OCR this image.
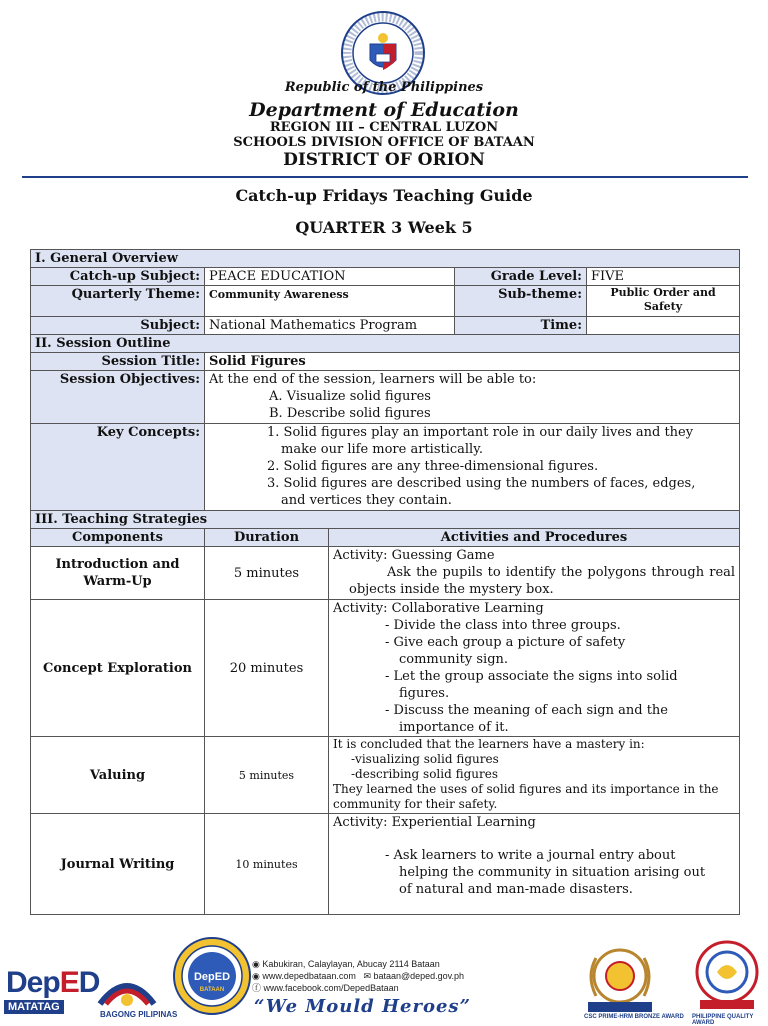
Republic of the Philippines
Department of Education
REGION III – CENTRAL LUZON
SCHOOLS DIVISION OFFICE OF BATAAN
DISTRICT OF ORION
Catch-up Fridays Teaching Guide
QUARTER 3 Week 5
I. General Overview				
Catch-up Subject:	PEACE EDUCATION		Grade Level:	FIVE
Quarterly Theme:	Community Awareness		Sub-theme:	Public Order and Safety
Subject:	National Mathematics Program		Time:	
II. Session Outline				
Session Title:	Solid Figures			
Session Objectives:	At the end of the session, learners will be able to:
A. Visualize solid figures
B. Describe solid figures			

Key Concepts:	1. Solid figures play an important role in our daily lives and they make our life more artistically.
2. Solid figures are any three-dimensional figures.
3. Solid figures are described using the numbers of faces, edges, and vertices they contain.			

III. Teaching Strategies				
Components	Duration	Activities and Procedures		
Introduction and Warm-Up	5 minutes	Activity: Guessing Game
Ask the pupils to identify the polygons through real objects inside the mystery box.		

Concept Exploration	20 minutes	Activity: Collaborative Learning
- Divide the class into three groups.
- Give each group a picture of safety community sign.
- Let the group associate the signs into solid figures.
- Discuss the meaning of each sign and the importance of it.		

Valuing	5 minutes	It is concluded that the learners have a mastery in:
-visualizing solid figures
-describing solid figures
They learned the uses of solid figures and its importance in the community for their safety.		

Journal Writing	10 minutes	Activity: Experiential Learning
- Ask learners to write a journal entry about helping the community in situation arising out of natural and man-made disasters.		
DepED
MATATAG
BAGONG PILIPINAS
DepED
BATAAN
◉ Kabukiran, Calaylayan, Abucay 2114 Bataan
◉ www.depedbataan.com ✉ bataan@deped.gov.ph
ⓕ www.facebook.com/DepedBataan
“We Mould Heroes”	CSC PRIME-HRM BRONZE AWARD PHILIPPINE QUALITY AWARD
